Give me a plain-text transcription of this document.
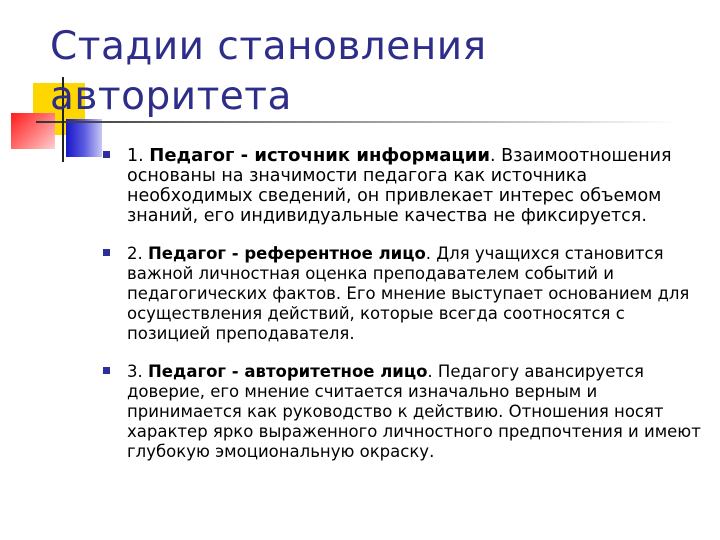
Стадии становления авторитета
1. Педагог - источник информации. Взаимоотношения основаны на значимости педагога как источника необходимых сведений, он привлекает интерес объемом знаний, его индивидуальные качества не фиксируется.
2. Педагог - референтное лицо. Для учащихся становится важной личностная оценка преподавателем событий и педагогических фактов. Его мнение выступает основанием для осуществления действий, которые всегда соотносятся с позицией преподавателя.
3. Педагог - авторитетное лицо. Педагогу авансируется доверие, его мнение считается изначально верным и принимается как руководство к действию. Отношения носят характер ярко выраженного личностного предпочтения и имеют глубокую эмоциональную окраску.
